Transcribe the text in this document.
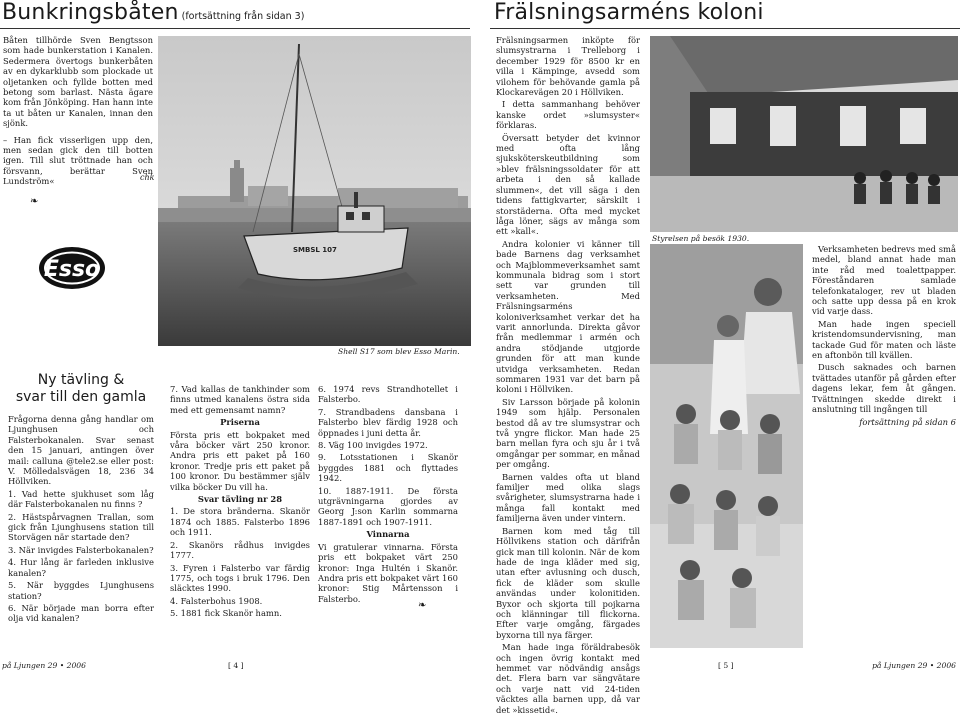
Bunkringsbåten (fortsättning från sidan 3)

Båten tillhörde Sven Bengtsson som hade bunkerstation i Kanalen. Sedermera övertogs bunkerbåten av en dykarklubb som plockade ut oljetanken och fyllde botten med betong som barlast. Nästa ägare kom från Jönköping. Han hann inte ta ut båten ur Kanalen, innan den sjönk.

– Han fick visserligen upp den, men sedan gick den till botten igen. Till slut tröttnade han och försvann, berättar Sven Lundström«	chk
❧
Esso
SMBSL 107
Shell S17 som blev Esso Marin.
Ny tävling &
svar till den gamla

Frågorna denna gång handlar om Ljunghusen och Falsterbokanalen. Svar senast den 15 januari, antingen över mail: calluna @tele2.se eller post: V. Mölledalsvägen 18, 236 34 Höllviken.

1. Vad hette sjukhuset som låg där Falsterbokanalen nu finns ?

2. Hästspårvagnen Trallan, som gick från Ljunghusens station till Storvägen när startade den?

3. När invigdes Falsterbokanalen?

4. Hur lång är farleden inklusive kanalen?

5. När byggdes Ljunghusens station?

6. När började man borra efter olja vid kanalen?

7. Vad kallas de tankhinder som finns utmed kanalens östra sida med ett gemensamt namn?

Priserna

Första pris ett bokpaket med våra böcker värt 250 kronor. Andra pris ett paket på 160 kronor. Tredje pris ett paket på 100 kronor. Du bestämmer själv vilka böcker Du vill ha.

Svar tävling nr 28

1. De stora bränderna. Skanör 1874 och 1885. Falsterbo 1896 och 1911.

2. Skanörs rådhus invigdes 1777.

3. Fyren i Falsterbo var färdig 1775, och togs i bruk 1796. Den släcktes 1990.

4. Falsterbohus 1908.

5. 1881 fick Skanör hamn.

6. 1974 revs Strandhotellet i Falsterbo.

7. Strandbadens dansbana i Falsterbo blev färdig 1928 och öppnades i juni detta år.

8. Väg 100 invigdes 1972.

9. Lotsstationen i Skanör byggdes 1881 och flyttades 1942.

10. 1887-1911. De första utgrävningarna gjordes av Georg J:son Karlin sommarna 1887-1891 och 1907-1911.

Vinnarna

Vi gratulerar vinnarna. Första pris ett bokpaket värt 250 kronor: Inga Hultén i Skanör. Andra pris ett bokpaket värt 160 kronor: Stig Mårtensson i Falsterbo.

❧
på Ljungen 29 • 2006	[ 4 ]
Frälsningsarméns koloni

Frälsningsarmen inköpte för slumsystrarna i Trelleborg i december 1929 för 8500 kr en villa i Kämpinge, avsedd som vilohem för behövande gamla på Klockarevägen 20 i Höllviken.

I detta sammanhang behöver kanske ordet »slumsyster« förklaras.

Översatt betyder det kvinnor med ofta lång sjuksköterskeutbildning som »blev frälsningssoldater för att arbeta i den så kallade slummen«, det vill säga i den tidens fattigkvarter, särskilt i storstäderna. Ofta med mycket låga löner, sägs av många som ett »kall«.

Andra kolonier vi känner till bade Barnens dag verksamhet och Majblommeverksamhet samt kommunala bidrag som i stort sett var grunden till verksamheten. Med Frälsningsarméns koloniverksamhet verkar det ha varit annorlunda. Direkta gåvor från medlemmar i armén och andra stödjande utgjorde grunden för att man kunde utvidga verksamheten. Redan sommaren 1931 var det barn på koloni i Höllviken.

Siv Larsson började på kolonin 1949 som hjälp. Personalen bestod då av tre slumsystrar och två yngre flickor. Man hade 25 barn mellan fyra och sju år i två omgångar per sommar, en månad per omgång.

Barnen valdes ofta ut bland familjer med olika slags svårigheter, slumsystrarna hade i många fall kontakt med familjerna även under vintern.

Barnen kom med tåg till Höllvikens station och därifrån gick man till kolonin. När de kom hade de inga kläder med sig, utan efter avlusning och dusch, fick de kläder som skulle användas under kolonitiden. Byxor och skjorta till pojkarna och klänningar till flickorna. Efter varje omgång, färgades byxorna till nya färger.

Man hade inga föräldrabesök och ingen övrig kontakt med hemmet var nödvändig ansågs det. Flera barn var sängvätare och varje natt vid 24-tiden väcktes alla barnen upp, då var det »kissetid«.

Styrelsen på besök 1930.

Verksamheten bedrevs med små medel, bland annat hade man inte råd med toalettpapper. Föreståndaren samlade telefonkataloger, rev ut bladen och satte upp dessa på en krok vid varje dass.

Man hade ingen speciell kristendomsundervisning, man tackade Gud för maten och läste en aftonbön till kvällen.

Dusch saknades och barnen tvättades utanför på gården efter dagens lekar, fem åt gången. Tvättningen skedde direkt i anslutning till ingången till

fortsättning på sidan 6

[ 5 ]	på Ljungen 29 • 2006
